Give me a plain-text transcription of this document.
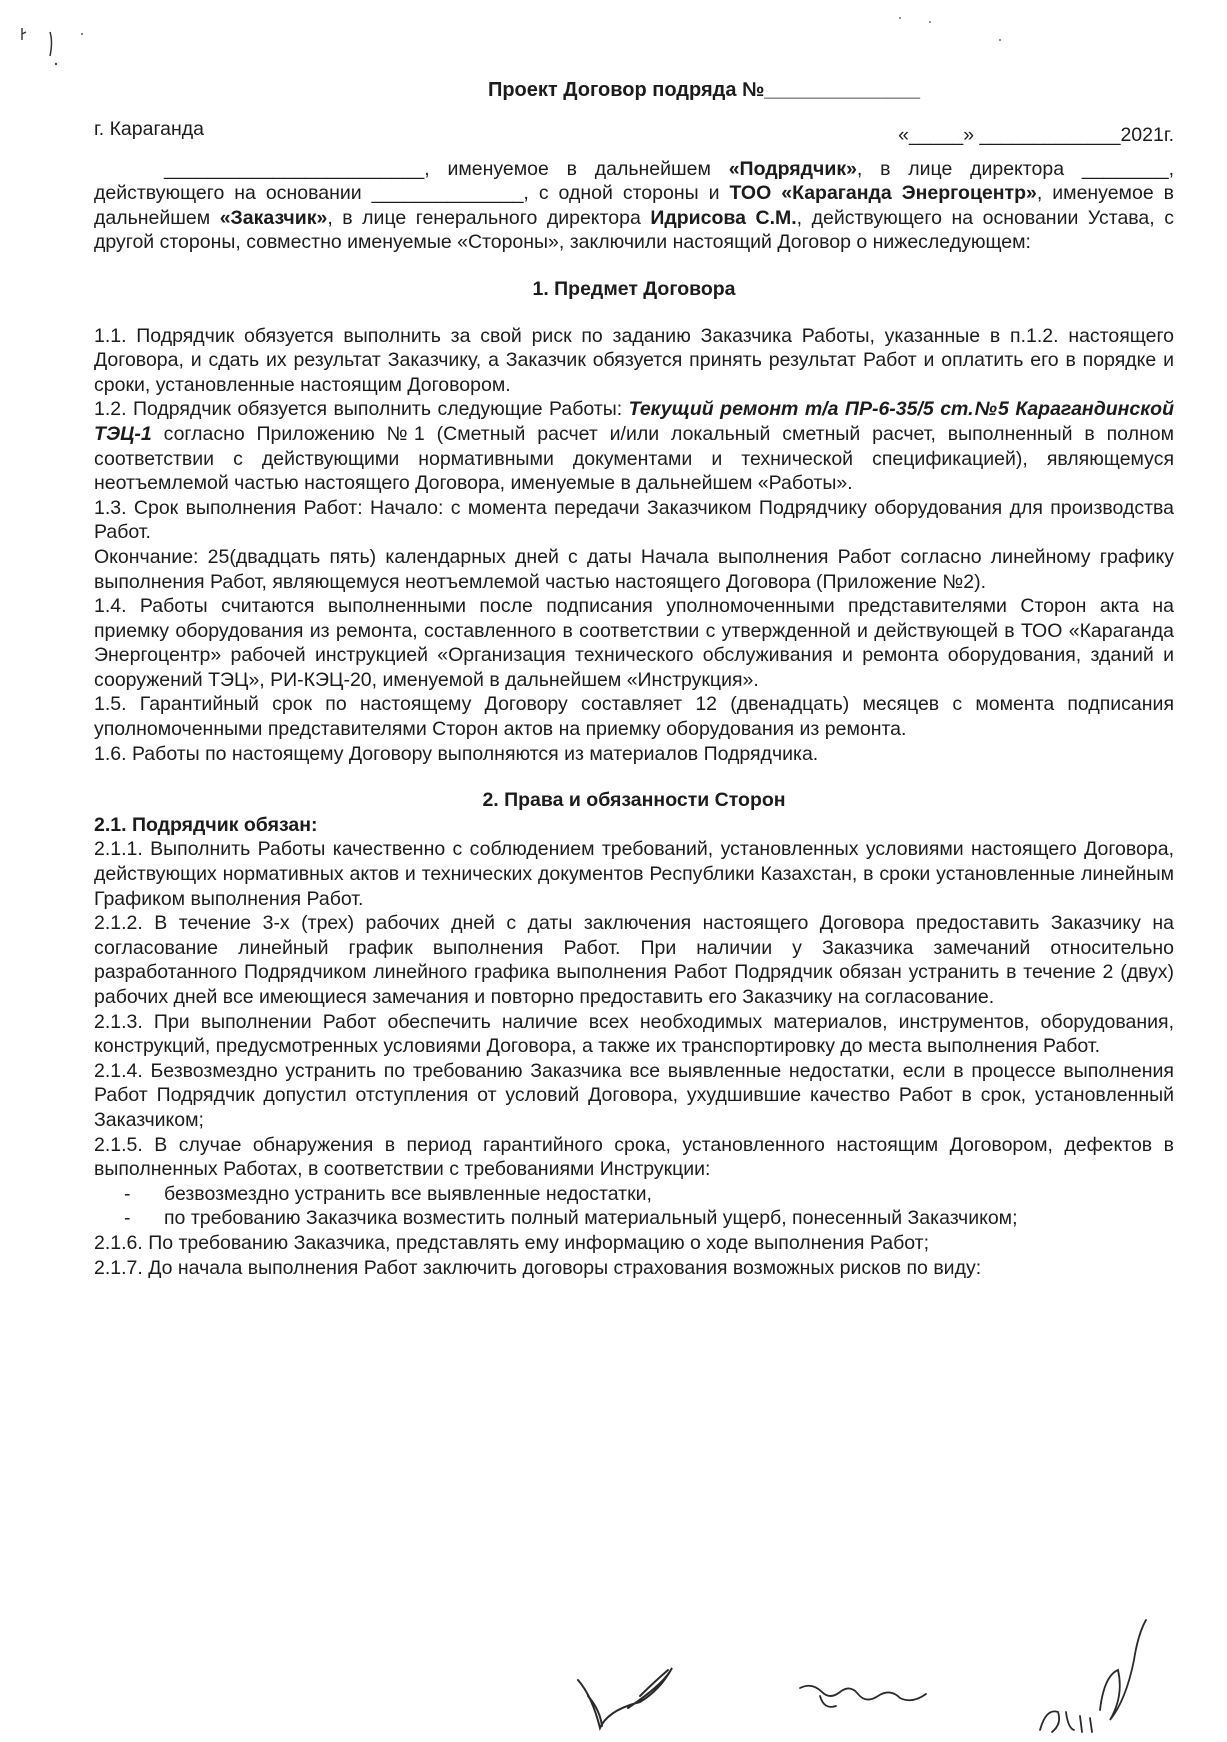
Проект Договор подряда №______________
г. Караганда	«_____» _____________2021г.

________________________, именуемое в дальнейшем «Подрядчик», в лице директора ________, действующего на основании ______________, с одной стороны и ТОО «Караганда Энергоцентр», именуемое в дальнейшем «Заказчик», в лице генерального директора Идрисова С.М., действующего на основании Устава, с другой стороны, совместно именуемые «Стороны», заключили настоящий Договор о нижеследующем:

1. Предмет Договора

1.1. Подрядчик обязуется выполнить за свой риск по заданию Заказчика Работы, указанные в п.1.2. настоящего Договора, и сдать их результат Заказчику, а Заказчик обязуется принять результат Работ и оплатить его в порядке и сроки, установленные настоящим Договором.

1.2. Подрядчик обязуется выполнить следующие Работы: Текущий ремонт т/а ПР-6-35/5 ст.№5 Карагандинской ТЭЦ-1 согласно Приложению №1 (Сметный расчет и/или локальный сметный расчет, выполненный в полном соответствии с действующими нормативными документами и технической спецификацией), являющемуся неотъемлемой частью настоящего Договора, именуемые в дальнейшем «Работы».

1.3. Срок выполнения Работ: Начало: с момента передачи Заказчиком Подрядчику оборудования для производства Работ.

Окончание: 25(двадцать пять) календарных дней с даты Начала выполнения Работ согласно линейному графику выполнения Работ, являющемуся неотъемлемой частью настоящего Договора (Приложение №2).

1.4. Работы считаются выполненными после подписания уполномоченными представителями Сторон акта на приемку оборудования из ремонта, составленного в соответствии с утвержденной и действующей в ТОО «Караганда Энергоцентр» рабочей инструкцией «Организация технического обслуживания и ремонта оборудования, зданий и сооружений ТЭЦ», РИ-КЭЦ-20, именуемой в дальнейшем «Инструкция».

1.5. Гарантийный срок по настоящему Договору составляет 12 (двенадцать) месяцев с момента подписания уполномоченными представителями Сторон актов на приемку оборудования из ремонта.

1.6. Работы по настоящему Договору выполняются из материалов Подрядчика.

2. Права и обязанности Сторон

2.1. Подрядчик обязан:

2.1.1. Выполнить Работы качественно с соблюдением требований, установленных условиями настоящего Договора, действующих нормативных актов и технических документов Республики Казахстан, в сроки установленные линейным Графиком выполнения Работ.

2.1.2. В течение 3-х (трех) рабочих дней с даты заключения настоящего Договора предоставить Заказчику на согласование линейный график выполнения Работ. При наличии у Заказчика замечаний относительно разработанного Подрядчиком линейного графика выполнения Работ Подрядчик обязан устранить в течение 2 (двух) рабочих дней все имеющиеся замечания и повторно предоставить его Заказчику на согласование.

2.1.3. При выполнении Работ обеспечить наличие всех необходимых материалов, инструментов, оборудования, конструкций, предусмотренных условиями Договора, а также их транспортировку до места выполнения Работ.

2.1.4. Безвозмездно устранить по требованию Заказчика все выявленные недостатки, если в процессе выполнения Работ Подрядчик допустил отступления от условий Договора, ухудшившие качество Работ в срок, установленный Заказчиком;

2.1.5. В случае обнаружения в период гарантийного срока, установленного настоящим Договором, дефектов в выполненных Работах, в соответствии с требованиями Инструкции:

- безвозмездно устранить все выявленные недостатки,
- по требованию Заказчика возместить полный материальный ущерб, понесенный Заказчиком;

2.1.6. По требованию Заказчика, представлять ему информацию о ходе выполнения Работ;

2.1.7. До начала выполнения Работ заключить договоры страхования возможных рисков по виду:
